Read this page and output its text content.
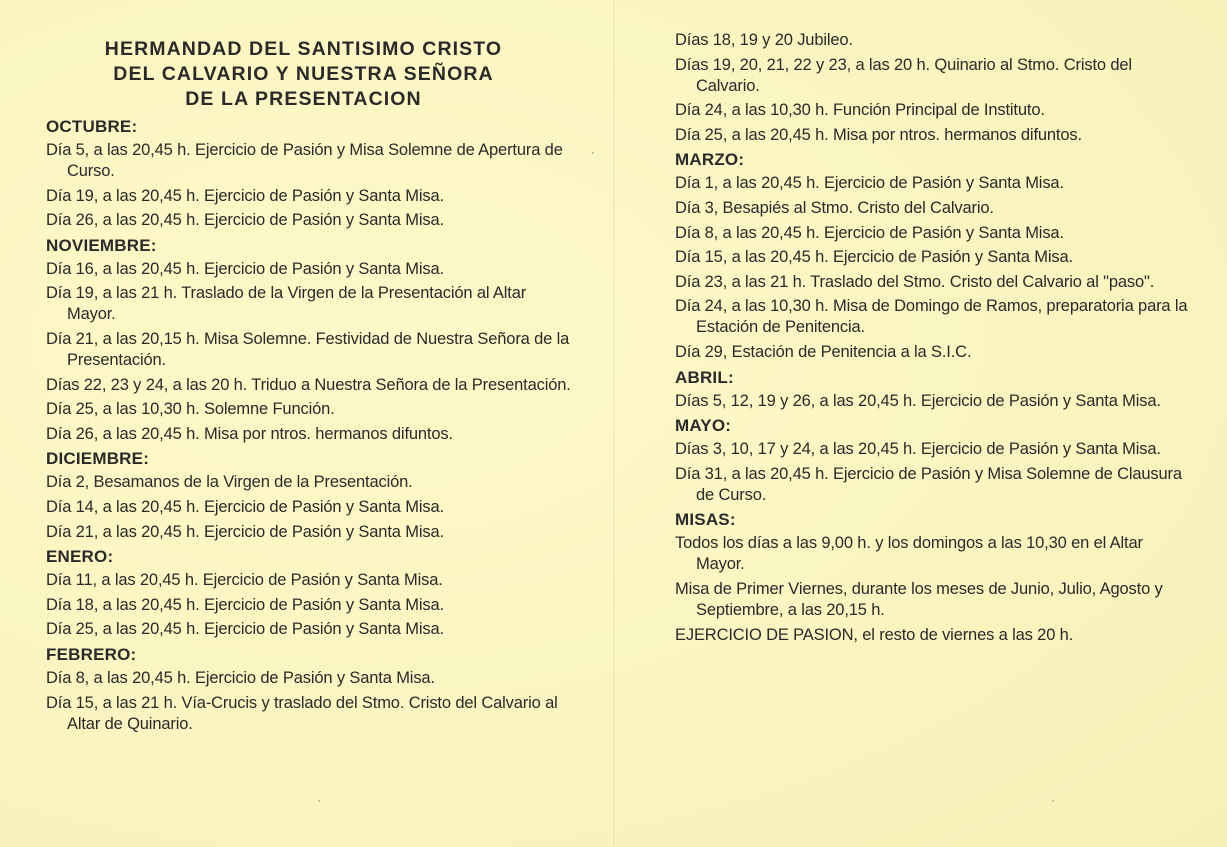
HERMANDAD DEL SANTISIMO CRISTO
DEL CALVARIO Y NUESTRA SEÑORA
DE LA PRESENTACION
OCTUBRE:
Día 5, a las 20,45 h. Ejercicio de Pasión y Misa Solemne de Apertura de Curso.
Día 19, a las 20,45 h. Ejercicio de Pasión y Santa Misa.
Día 26, a las 20,45 h. Ejercicio de Pasión y Santa Misa.
NOVIEMBRE:
Día 16, a las 20,45 h. Ejercicio de Pasión y Santa Misa.
Día 19, a las 21 h. Traslado de la Virgen de la Presentación al Altar Mayor.
Día 21, a las 20,15 h. Misa Solemne. Festividad de Nuestra Señora de la Presentación.
Días 22, 23 y 24, a las 20 h. Triduo a Nuestra Señora de la Presentación.
Día 25, a las 10,30 h. Solemne Función.
Día 26, a las 20,45 h. Misa por ntros. hermanos difuntos.
DICIEMBRE:
Día 2, Besamanos de la Virgen de la Presentación.
Día 14, a las 20,45 h. Ejercicio de Pasión y Santa Misa.
Día 21, a las 20,45 h. Ejercicio de Pasión y Santa Misa.
ENERO:
Día 11, a las 20,45 h. Ejercicio de Pasión y Santa Misa.
Día 18, a las 20,45 h. Ejercicio de Pasión y Santa Misa.
Día 25, a las 20,45 h. Ejercicio de Pasión y Santa Misa.
FEBRERO:
Día 8, a las 20,45 h. Ejercicio de Pasión y Santa Misa.
Día 15, a las 21 h. Vía-Crucis y traslado del Stmo. Cristo del Calvario al Altar de Quinario.
Días 18, 19 y 20 Jubileo.
Días 19, 20, 21, 22 y 23, a las 20 h. Quinario al Stmo. Cristo del Calvario.
Día 24, a las 10,30 h. Función Principal de Instituto.
Día 25, a las 20,45 h. Misa por ntros. hermanos difuntos.
MARZO:
Día 1, a las 20,45 h. Ejercicio de Pasión y Santa Misa.
Día 3, Besapiés al Stmo. Cristo del Calvario.
Día 8, a las 20,45 h. Ejercicio de Pasión y Santa Misa.
Día 15, a las 20,45 h. Ejercicio de Pasión y Santa Misa.
Día 23, a las 21 h. Traslado del Stmo. Cristo del Calvario al "paso".
Día 24, a las 10,30 h. Misa de Domingo de Ramos, preparatoria para la Estación de Penitencia.
Día 29, Estación de Penitencia a la S.I.C.
ABRIL:
Días 5, 12, 19 y 26, a las 20,45 h. Ejercicio de Pasión y Santa Misa.
MAYO:
Días 3, 10, 17 y 24, a las 20,45 h. Ejercicio de Pasión y Santa Misa.
Día 31, a las 20,45 h. Ejercicio de Pasión y Misa Solemne de Clausura de Curso.
MISAS:
Todos los días a las 9,00 h. y los domingos a las 10,30 en el Altar Mayor.
Misa de Primer Viernes, durante los meses de Junio, Julio, Agosto y Septiembre, a las 20,15 h.
EJERCICIO DE PASION, el resto de viernes a las 20 h.
